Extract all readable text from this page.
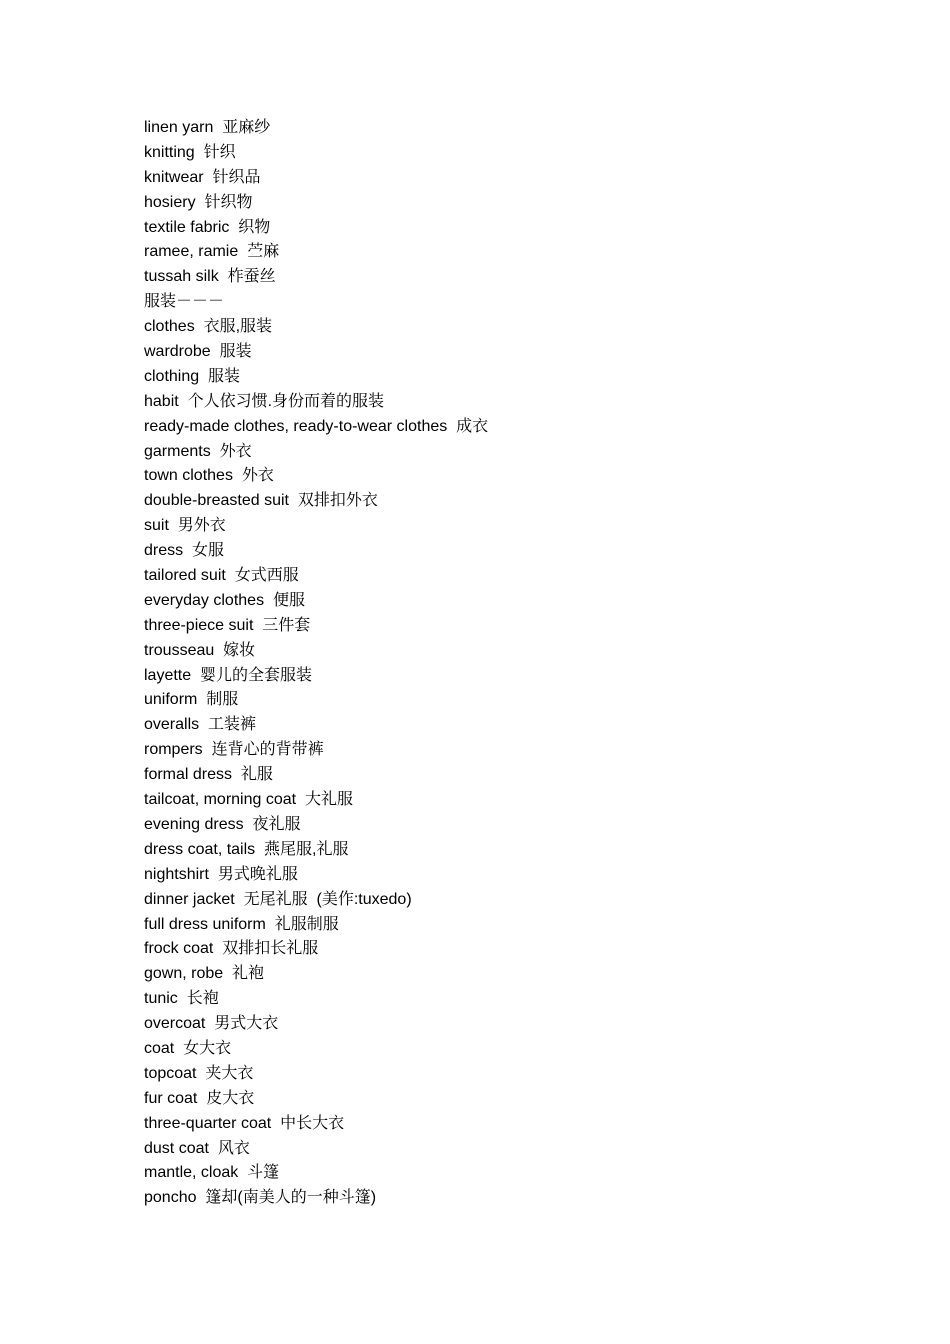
linen yarn  亚麻纱
knitting  针织
knitwear  针织品
hosiery  针织物
textile fabric  织物
ramee, ramie  苎麻
tussah silk  柞蚕丝
服装－－－
clothes  衣服,服装
wardrobe  服装
clothing  服装
habit  个人依习惯.身份而着的服装
ready-made clothes, ready-to-wear clothes  成衣
garments  外衣
town clothes  外衣
double-breasted suit  双排扣外衣
suit  男外衣
dress  女服
tailored suit  女式西服
everyday clothes  便服
three-piece suit  三件套
trousseau  嫁妆
layette  婴儿的全套服装
uniform  制服
overalls  工装裤
rompers  连背心的背带裤
formal dress  礼服
tailcoat, morning coat  大礼服
evening dress  夜礼服
dress coat, tails  燕尾服,礼服
nightshirt  男式晚礼服
dinner jacket  无尾礼服  (美作:tuxedo)
full dress uniform  礼服制服
frock coat  双排扣长礼服
gown, robe  礼袍
tunic  长袍
overcoat  男式大衣
coat  女大衣
topcoat  夹大衣
fur coat  皮大衣
three-quarter coat  中长大衣
dust coat  风衣
mantle, cloak  斗篷
poncho  篷却(南美人的一种斗篷)
